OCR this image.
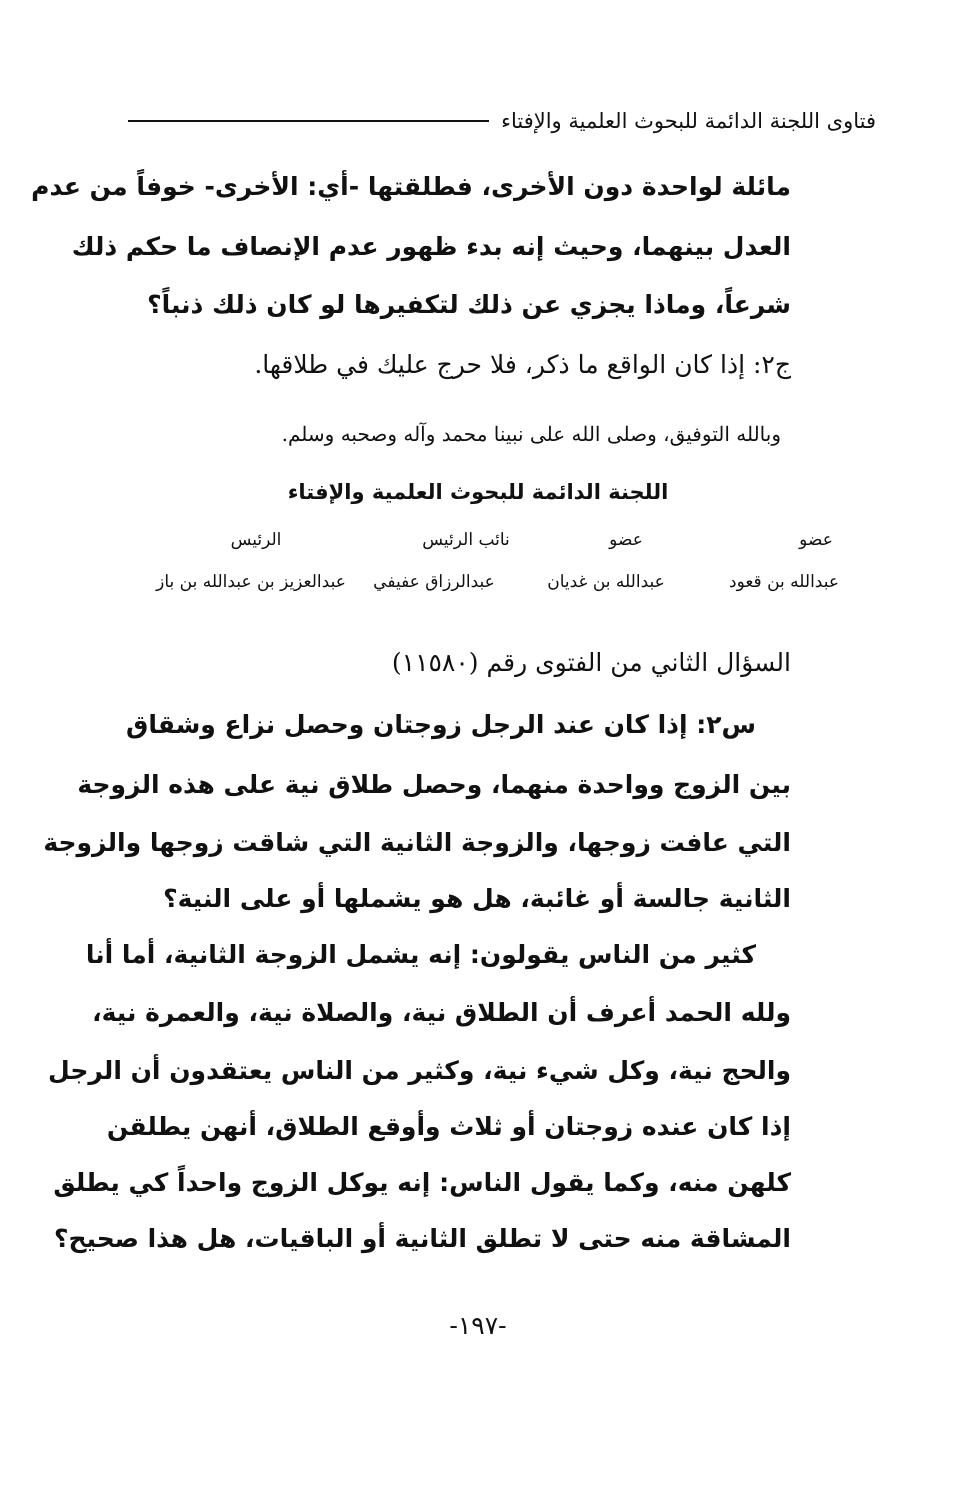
فتاوى اللجنة الدائمة للبحوث العلمية والإفتاء
مائلة لواحدة دون الأخرى، فطلقتها -أي: الأخرى- خوفاً من عدم
العدل بينهما، وحيث إنه بدء ظهور عدم الإنصاف ما حكم ذلك
شرعاً، وماذا يجزي عن ذلك لتكفيرها لو كان ذلك ذنباً؟
ج٢: إذا كان الواقع ما ذكر، فلا حرج عليك في طلاقها.
وبالله التوفيق، وصلى الله على نبينا محمد وآله وصحبه وسلم.
اللجنة الدائمة للبحوث العلمية والإفتاء
عضو
عضو
نائب الرئيس
الرئيس
عبدالله بن قعود
عبدالله بن غديان
عبدالرزاق عفيفي
عبدالعزيز بن عبدالله بن باز
السؤال الثاني من الفتوى رقم (١١٥٨٠)
س٢: إذا كان عند الرجل زوجتان وحصل نزاع وشقاق
بين الزوج وواحدة منهما، وحصل طلاق نية على هذه الزوجة
التي عافت زوجها، والزوجة الثانية التي شاقت زوجها والزوجة
الثانية جالسة أو غائبة، هل هو يشملها أو على النية؟
كثير من الناس يقولون: إنه يشمل الزوجة الثانية، أما أنا
ولله الحمد أعرف أن الطلاق نية، والصلاة نية، والعمرة نية،
والحج نية، وكل شيء نية، وكثير من الناس يعتقدون أن الرجل
إذا كان عنده زوجتان أو ثلاث وأوقع الطلاق، أنهن يطلقن
كلهن منه، وكما يقول الناس: إنه يوكل الزوج واحداً كي يطلق
المشاقة منه حتى لا تطلق الثانية أو الباقيات، هل هذا صحيح؟
-١٩٧-
